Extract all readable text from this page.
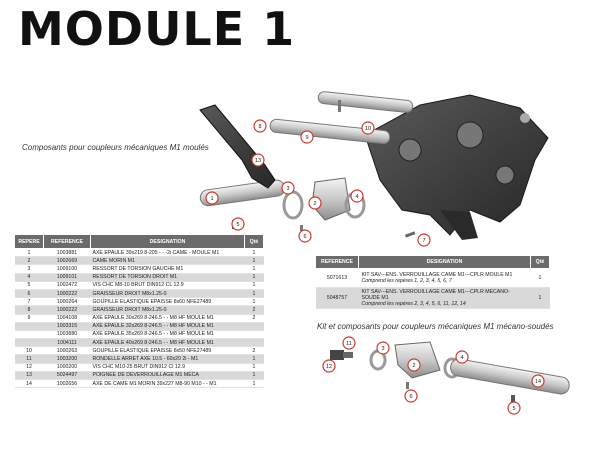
MODULE 1
1
2
3
4
5
6
7
8
9
10
13
11
12
3
2
4
6
14
5
Composants pour coupleurs mécaniques M1 moulés
Kit et composants pour coupleurs mécaniques M1 mécano-soudés
REPERE	REFERENCE	DESIGNATION	Qté
1	1003881	AXE EPAULE 39x219 8-205 - - -2i CAME - MOULE M1	1
2	1002669	CAME MORIN M1	1
3	1009100	RESSORT DE TORSION GAUCHE M1	1
4	1009101	RESSORT DE TORSION DROIT M1	1
5	1002472	VIS CHC M8-10 BRUT DIN912 CL 12.9	1
6	1000222	GRAISSEUR DROIT M8x1.25-0	1
7	1000264	GOUPILLE ELASTIQUE EPAISSE 8x60 NFE27489	1
8	1000222	GRAISSEUR DROIT M8x1.25-0	2
9	1004108	AXE EPAULE 30x269 8-246.5 - - M8 HF MOULE M1	2
	1003315	AXE EPAULE 32x269 8-246.5 - - M8 HF MOULE M1	
	1003880	AXE EPAULE 35x269 8-246.5 - - M8 HF MOULE M1	
	1004111	AXE EPAULE 40x269 8-246.5 - - M8 HF MOULE M1	
10	1000263	GOUPILLE ELASTIQUE EPAISSE 8x50 NFE27489	2
11	1003200	RONDELLE ARRET AXE 10.5 - 60x20 2i - M1	1
12	1000200	VIS CHC M10-25 BRUT DIN912 Cl 12.9	1
13	5024497	POIGNEE DE DEVERROUILLAGE M1 MECA	1
14	1002656	AXE DE CAME M1 MORIN 39x227 M8-90 M10 - - M1	1
REFERENCE	DESIGNATION	Qté
5071613	KIT SAV---ENS. VERROUILLAGE CAME M1---CPLR MOULE M1
Comprend les repères 1, 2, 3, 4, 5, 6, 7	1
5048757	KIT SAV---ENS. VERROUILLAGE CAME M1---CPLR MECANO-SOUDE M1
Comprend les repères 2, 3, 4, 5, 6, 11, 12, 14	1
